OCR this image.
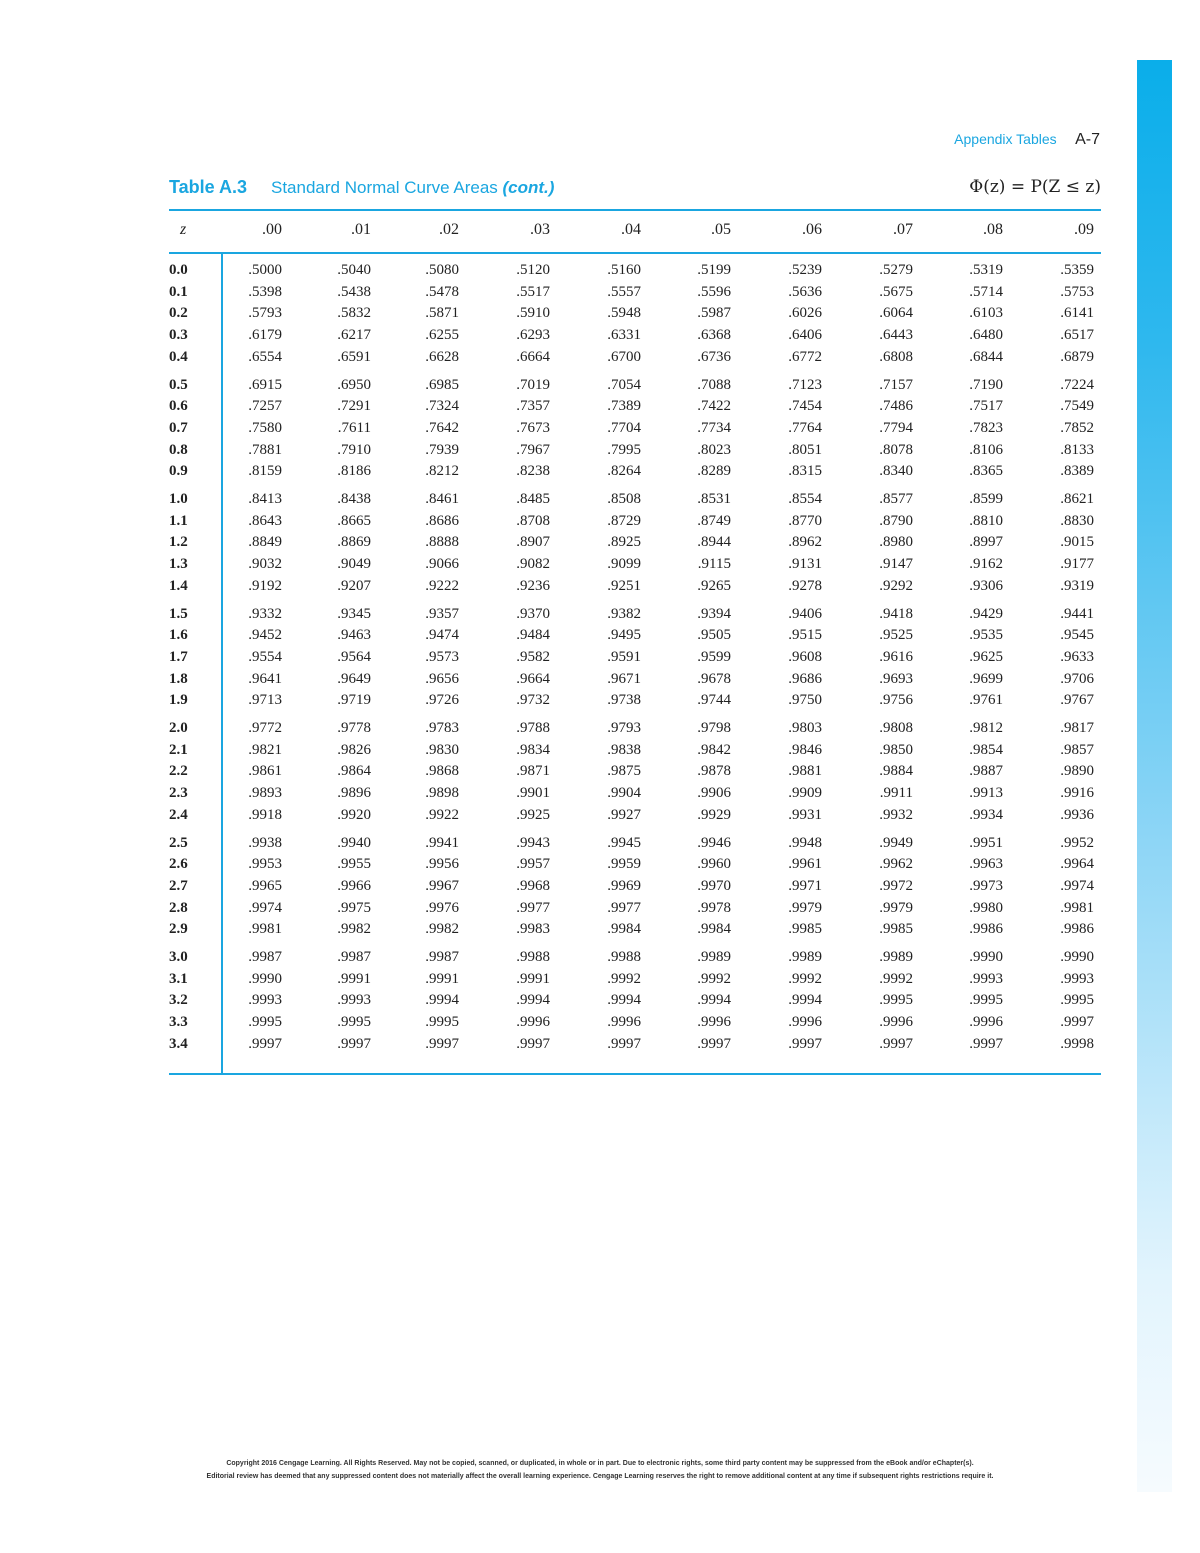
Appendix Tables A-7
Table A.3 Standard Normal Curve Areas (cont.)	Φ(z) = P(Z ≤ z)
z	.00	.01	.02	.03	.04	.05	.06	.07	.08	.09
0.0	.5000	.5040	.5080	.5120	.5160	.5199	.5239	.5279	.5319	.5359
0.1	.5398	.5438	.5478	.5517	.5557	.5596	.5636	.5675	.5714	.5753
0.2	.5793	.5832	.5871	.5910	.5948	.5987	.6026	.6064	.6103	.6141
0.3	.6179	.6217	.6255	.6293	.6331	.6368	.6406	.6443	.6480	.6517
0.4	.6554	.6591	.6628	.6664	.6700	.6736	.6772	.6808	.6844	.6879
0.5	.6915	.6950	.6985	.7019	.7054	.7088	.7123	.7157	.7190	.7224
0.6	.7257	.7291	.7324	.7357	.7389	.7422	.7454	.7486	.7517	.7549
0.7	.7580	.7611	.7642	.7673	.7704	.7734	.7764	.7794	.7823	.7852
0.8	.7881	.7910	.7939	.7967	.7995	.8023	.8051	.8078	.8106	.8133
0.9	.8159	.8186	.8212	.8238	.8264	.8289	.8315	.8340	.8365	.8389
1.0	.8413	.8438	.8461	.8485	.8508	.8531	.8554	.8577	.8599	.8621
1.1	.8643	.8665	.8686	.8708	.8729	.8749	.8770	.8790	.8810	.8830
1.2	.8849	.8869	.8888	.8907	.8925	.8944	.8962	.8980	.8997	.9015
1.3	.9032	.9049	.9066	.9082	.9099	.9115	.9131	.9147	.9162	.9177
1.4	.9192	.9207	.9222	.9236	.9251	.9265	.9278	.9292	.9306	.9319
1.5	.9332	.9345	.9357	.9370	.9382	.9394	.9406	.9418	.9429	.9441
1.6	.9452	.9463	.9474	.9484	.9495	.9505	.9515	.9525	.9535	.9545
1.7	.9554	.9564	.9573	.9582	.9591	.9599	.9608	.9616	.9625	.9633
1.8	.9641	.9649	.9656	.9664	.9671	.9678	.9686	.9693	.9699	.9706
1.9	.9713	.9719	.9726	.9732	.9738	.9744	.9750	.9756	.9761	.9767
2.0	.9772	.9778	.9783	.9788	.9793	.9798	.9803	.9808	.9812	.9817
2.1	.9821	.9826	.9830	.9834	.9838	.9842	.9846	.9850	.9854	.9857
2.2	.9861	.9864	.9868	.9871	.9875	.9878	.9881	.9884	.9887	.9890
2.3	.9893	.9896	.9898	.9901	.9904	.9906	.9909	.9911	.9913	.9916
2.4	.9918	.9920	.9922	.9925	.9927	.9929	.9931	.9932	.9934	.9936
2.5	.9938	.9940	.9941	.9943	.9945	.9946	.9948	.9949	.9951	.9952
2.6	.9953	.9955	.9956	.9957	.9959	.9960	.9961	.9962	.9963	.9964
2.7	.9965	.9966	.9967	.9968	.9969	.9970	.9971	.9972	.9973	.9974
2.8	.9974	.9975	.9976	.9977	.9977	.9978	.9979	.9979	.9980	.9981
2.9	.9981	.9982	.9982	.9983	.9984	.9984	.9985	.9985	.9986	.9986
3.0	.9987	.9987	.9987	.9988	.9988	.9989	.9989	.9989	.9990	.9990
3.1	.9990	.9991	.9991	.9991	.9992	.9992	.9992	.9992	.9993	.9993
3.2	.9993	.9993	.9994	.9994	.9994	.9994	.9994	.9995	.9995	.9995
3.3	.9995	.9995	.9995	.9996	.9996	.9996	.9996	.9996	.9996	.9997
3.4	.9997	.9997	.9997	.9997	.9997	.9997	.9997	.9997	.9997	.9998
Copyright 2016 Cengage Learning. All Rights Reserved. May not be copied, scanned, or duplicated, in whole or in part. Due to electronic rights, some third party content may be suppressed from the eBook and/or eChapter(s).
Editorial review has deemed that any suppressed content does not materially affect the overall learning experience. Cengage Learning reserves the right to remove additional content at any time if subsequent rights restrictions require it.
